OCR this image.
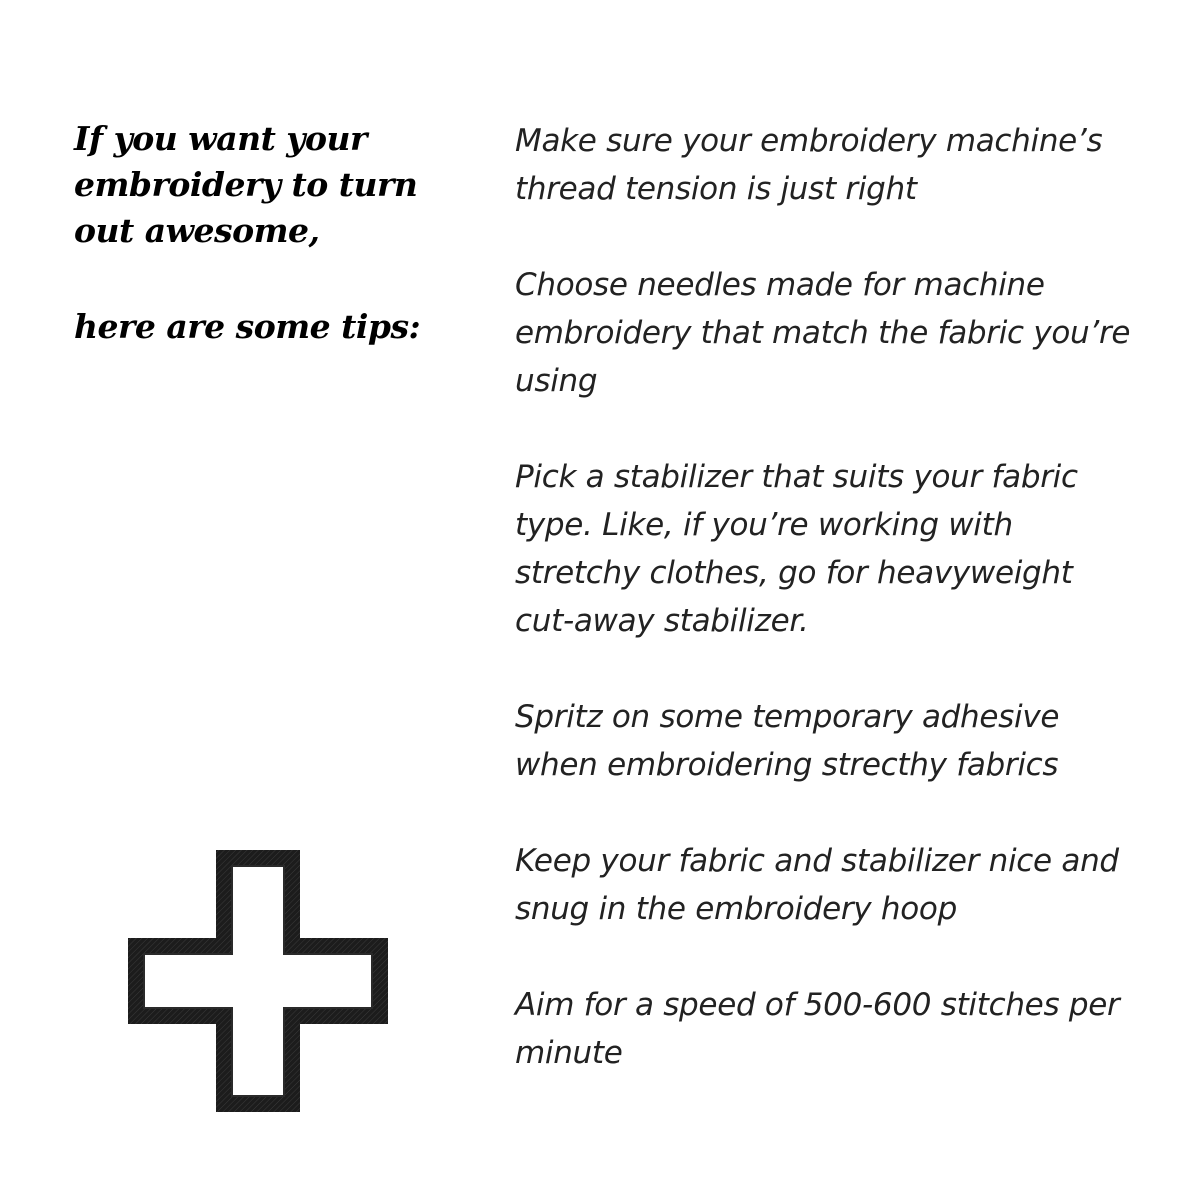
If you want your

embroidery to turn

out awesome,

here are some tips:

Make sure your embroidery machine’s thread tension is just right

Choose needles made for machine embroidery that match the fabric you’re using

Pick a stabilizer that suits your fabric type. Like, if you’re working with stretchy clothes, go for heavyweight cut-away stabilizer.

Spritz on some temporary adhesive when embroidering strecthy fabrics

Keep your fabric and stabilizer nice and snug in the embroidery hoop

Aim for a speed of 500-600 stitches per minute
